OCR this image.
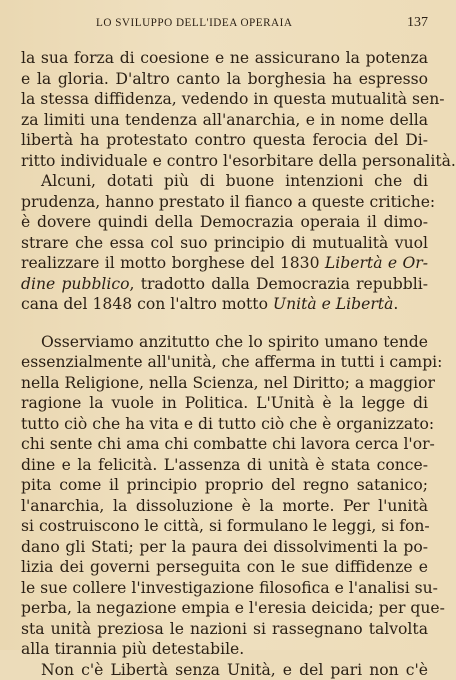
LO SVILUPPO DELL'IDEA OPERAIA	137
la sua forza di coesione e ne assicurano la potenza
e la gloria. D'altro canto la borghesia ha espresso
la stessa diffidenza, vedendo in questa mutualità sen-
za limiti una tendenza all'anarchia, e in nome della
libertà ha protestato contro questa ferocia del Di-
ritto individuale e contro l'esorbitare della personalità.
Alcuni, dotati più di buone intenzioni che di
prudenza, hanno prestato il fianco a queste critiche:
è dovere quindi della Democrazia operaia il dimo-
strare che essa col suo principio di mutualità vuol
realizzare il motto borghese del 1830 Libertà e Or-
dine pubblico, tradotto dalla Democrazia repubbli-
cana del 1848 con l'altro motto Unità e Libertà.
Osserviamo anzitutto che lo spirito umano tende
essenzialmente all'unità, che afferma in tutti i campi:
nella Religione, nella Scienza, nel Diritto; a maggior
ragione la vuole in Politica. L'Unità è la legge di
tutto ciò che ha vita e di tutto ciò che è organizzato:
chi sente chi ama chi combatte chi lavora cerca l'or-
dine e la felicità. L'assenza di unità è stata conce-
pita come il principio proprio del regno satanico;
l'anarchia, la dissoluzione è la morte. Per l'unità
si costruiscono le città, si formulano le leggi, si fon-
dano gli Stati; per la paura dei dissolvimenti la po-
lizia dei governi perseguita con le sue diffidenze e
le sue collere l'investigazione filosofica e l'analisi su-
perba, la negazione empia e l'eresia deicida; per que-
sta unità preziosa le nazioni si rassegnano talvolta
alla tirannia più detestabile.
Non c'è Libertà senza Unità, e del pari non c'è
